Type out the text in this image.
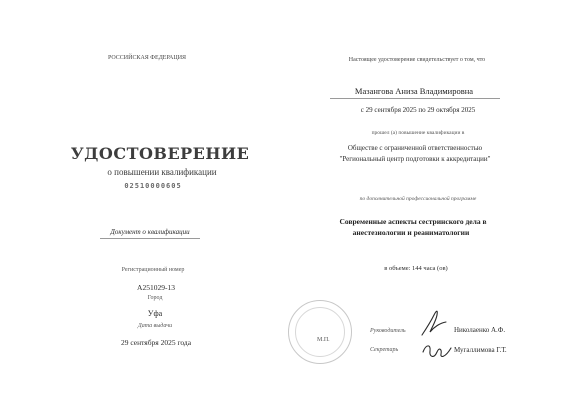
РОССИЙСКАЯ ФЕДЕРАЦИЯ
УДОСТОВЕРЕНИЕ
о повышении квалификации
02510000605
Документ о квалификации
Регистрационный номер
А251029-13
Город
Уфа
Дата выдачи
29 сентября 2025 года
Настоящее удостоверение свидетельствует о том, что
Мазангова Аниза Владимировна
с 29 сентября 2025 по 29 октября 2025
прошел (а) повышение квалификации в
Обществе с ограниченной ответственностью
"Региональный центр подготовки к аккредитации"
по дополнительной профессиональной программе
Современные аспекты сестринского дела в
анестезиологии и реаниматологии
в объеме: 144 часа (ов)
М.П.
Руководитель	Николаенко А.Ф.
Секретарь	Мугаллимова Г.Т.
